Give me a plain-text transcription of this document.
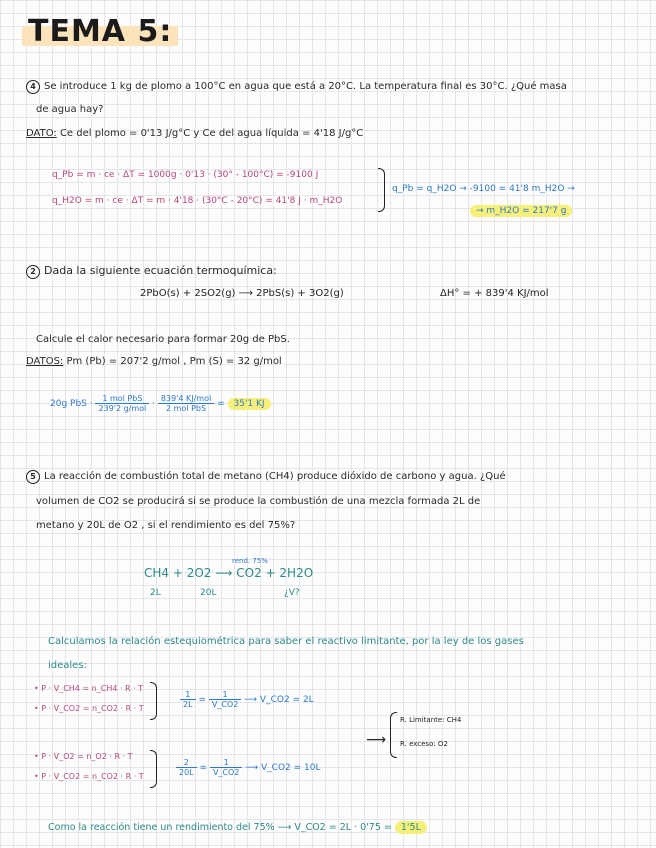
TEMA 5:
4 Se introduce 1 kg de plomo a 100°C en agua que está a 20°C. La temperatura final es 30°C. ¿Qué masa
de agua hay?
DATO: Ce del plomo = 0'13 J/g°C y Ce del agua líquida = 4'18 J/g°C
q_Pb = m · ce · ΔT = 1000g · 0'13 · (30° - 100°C) = -9100 J
q_H2O = m · ce · ΔT = m · 4'18 · (30°C - 20°C) = 41'8 J · m_H2O
q_Pb = q_H2O → -9100 = 41'8 m_H2O →
→ m_H2O = 217'7 g
2 Dada la siguiente ecuación termoquímica:
2PbO(s) + 2SO2(g) ⟶ 2PbS(s) + 3O2(g)	ΔH° = + 839'4 KJ/mol
Calcule el calor necesario para formar 20g de PbS.
DATOS: Pm (Pb) = 207'2 g/mol , Pm (S) = 32 g/mol
20g PbS · $\frac{\text{1 mol PbS}}{\text{239'2 g/mol}} \cdot \frac{\text{839'4 KJ/mol}}{\text{2 mol PbS}} = 35'1$ KJ
5 La reacción de combustión total de metano (CH4) produce dióxido de carbono y agua. ¿Qué
volumen de CO2 se producirá si se produce la combustión de una mezcla formada 2L de
metano y 20L de O2 , si el rendimiento es del 75%?
rend. 75%
CH4 + 2O2 ⟶ CO2 + 2H2O
2L	20L	¿V?
Calculamos la relación estequiométrica para saber el reactivo limitante, por la ley de los gases
ideales:
• P · V_CH4 = n_CH4 · R · T
• P · V_CO2 = n_CO2 · R · T	$\frac{1}{2L} = \frac{1}{V\_CO2}$ ⟶ V_CO2 = 2L
⟶
R. Limitante: CH4
R. exceso: O2
• P · V_O2 = n_O2 · R · T
• P · V_CO2 = n_CO2 · R · T	$\frac{2}{20L} = \frac{1}{V\_CO2}$ ⟶ V_CO2 = 10L
Como la reacción tiene un rendimiento del 75% ⟶ V_CO2 = 2L · 0'75 = 1'5L
